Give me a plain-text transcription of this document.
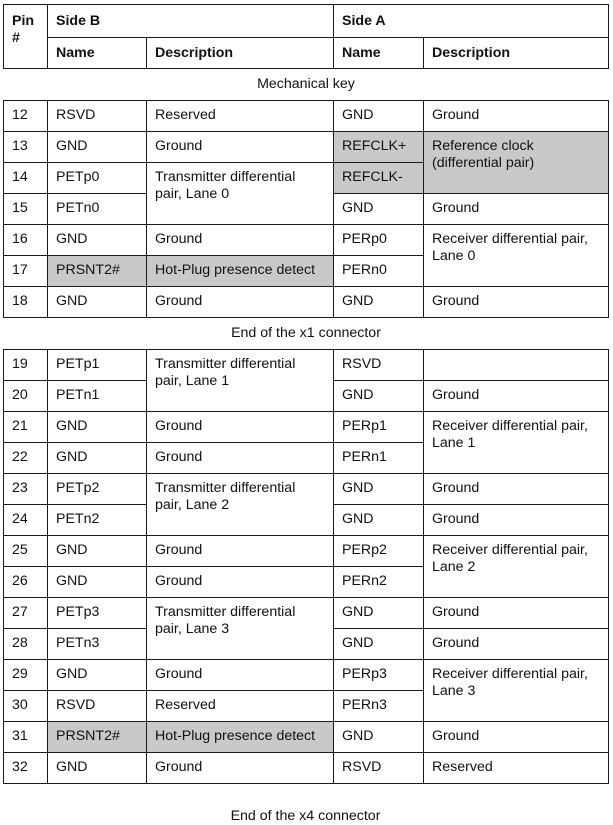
Pin #	Side B		Side A	
	Name	Description	Name	Description
Mechanical key				
12	RSVD	Reserved	GND	Ground
13	GND	Ground	REFCLK+	Reference clock (differential pair)
14	PETp0	Transmitter differential pair, Lane 0	REFCLK-	
15	PETn0		GND	Ground
16	GND	Ground	PERp0	Receiver differential pair, Lane 0
17	PRSNT2#	Hot-Plug presence detect	PERn0	
18	GND	Ground	GND	Ground
End of the x1 connector				
19	PETp1	Transmitter differential pair, Lane 1	RSVD	
20	PETn1		GND	Ground
21	GND	Ground	PERp1	Receiver differential pair, Lane 1
22	GND	Ground	PERn1	
23	PETp2	Transmitter differential pair, Lane 2	GND	Ground
24	PETn2		GND	Ground
25	GND	Ground	PERp2	Receiver differential pair, Lane 2
26	GND	Ground	PERn2	
27	PETp3	Transmitter differential pair, Lane 3	GND	Ground
28	PETn3		GND	Ground
29	GND	Ground	PERp3	Receiver differential pair, Lane 3
30	RSVD	Reserved	PERn3	
31	PRSNT2#	Hot-Plug presence detect	GND	Ground
32	GND	Ground	RSVD	Reserved
End of the x4 connector
